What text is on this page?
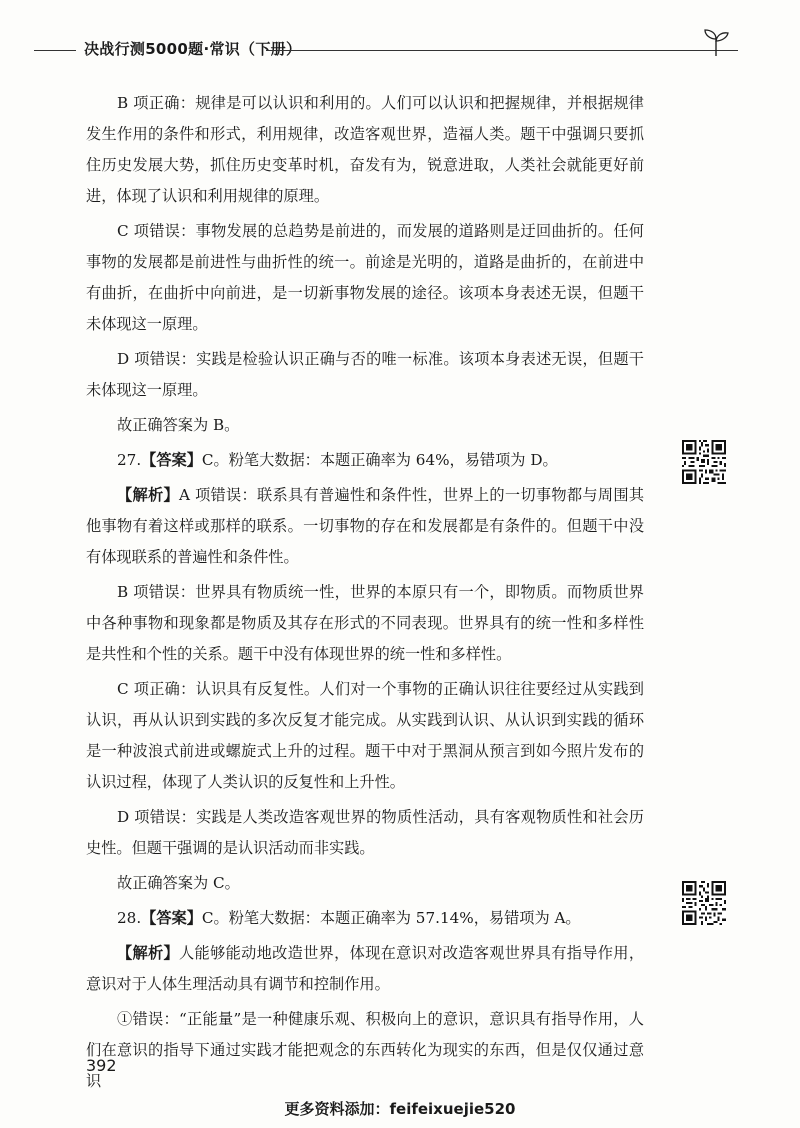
决战行测5000题·常识（下册）

B 项正确：规律是可以认识和利用的。人们可以认识和把握规律，并根据规律发生作用的条件和形式，利用规律，改造客观世界，造福人类。题干中强调只要抓住历史发展大势，抓住历史变革时机，奋发有为，锐意进取，人类社会就能更好前进，体现了认识和利用规律的原理。

C 项错误：事物发展的总趋势是前进的，而发展的道路则是迂回曲折的。任何事物的发展都是前进性与曲折性的统一。前途是光明的，道路是曲折的，在前进中有曲折，在曲折中向前进，是一切新事物发展的途径。该项本身表述无误，但题干未体现这一原理。

D 项错误：实践是检验认识正确与否的唯一标准。该项本身表述无误，但题干未体现这一原理。

故正确答案为 B。

27.【答案】C。粉笔大数据：本题正确率为 64%，易错项为 D。

【解析】A 项错误：联系具有普遍性和条件性，世界上的一切事物都与周围其他事物有着这样或那样的联系。一切事物的存在和发展都是有条件的。但题干中没有体现联系的普遍性和条件性。

B 项错误：世界具有物质统一性，世界的本原只有一个，即物质。而物质世界中各种事物和现象都是物质及其存在形式的不同表现。世界具有的统一性和多样性是共性和个性的关系。题干中没有体现世界的统一性和多样性。

C 项正确：认识具有反复性。人们对一个事物的正确认识往往要经过从实践到认识，再从认识到实践的多次反复才能完成。从实践到认识、从认识到实践的循环是一种波浪式前进或螺旋式上升的过程。题干中对于黑洞从预言到如今照片发布的认识过程，体现了人类认识的反复性和上升性。

D 项错误：实践是人类改造客观世界的物质性活动，具有客观物质性和社会历史性。但题干强调的是认识活动而非实践。

故正确答案为 C。

28.【答案】C。粉笔大数据：本题正确率为 57.14%，易错项为 A。

【解析】人能够能动地改造世界，体现在意识对改造客观世界具有指导作用，意识对于人体生理活动具有调节和控制作用。

①错误：“正能量”是一种健康乐观、积极向上的意识，意识具有指导作用，人们在意识的指导下通过实践才能把观念的东西转化为现实的东西，但是仅仅通过意识

392
更多资料添加：feifeixuejie520
